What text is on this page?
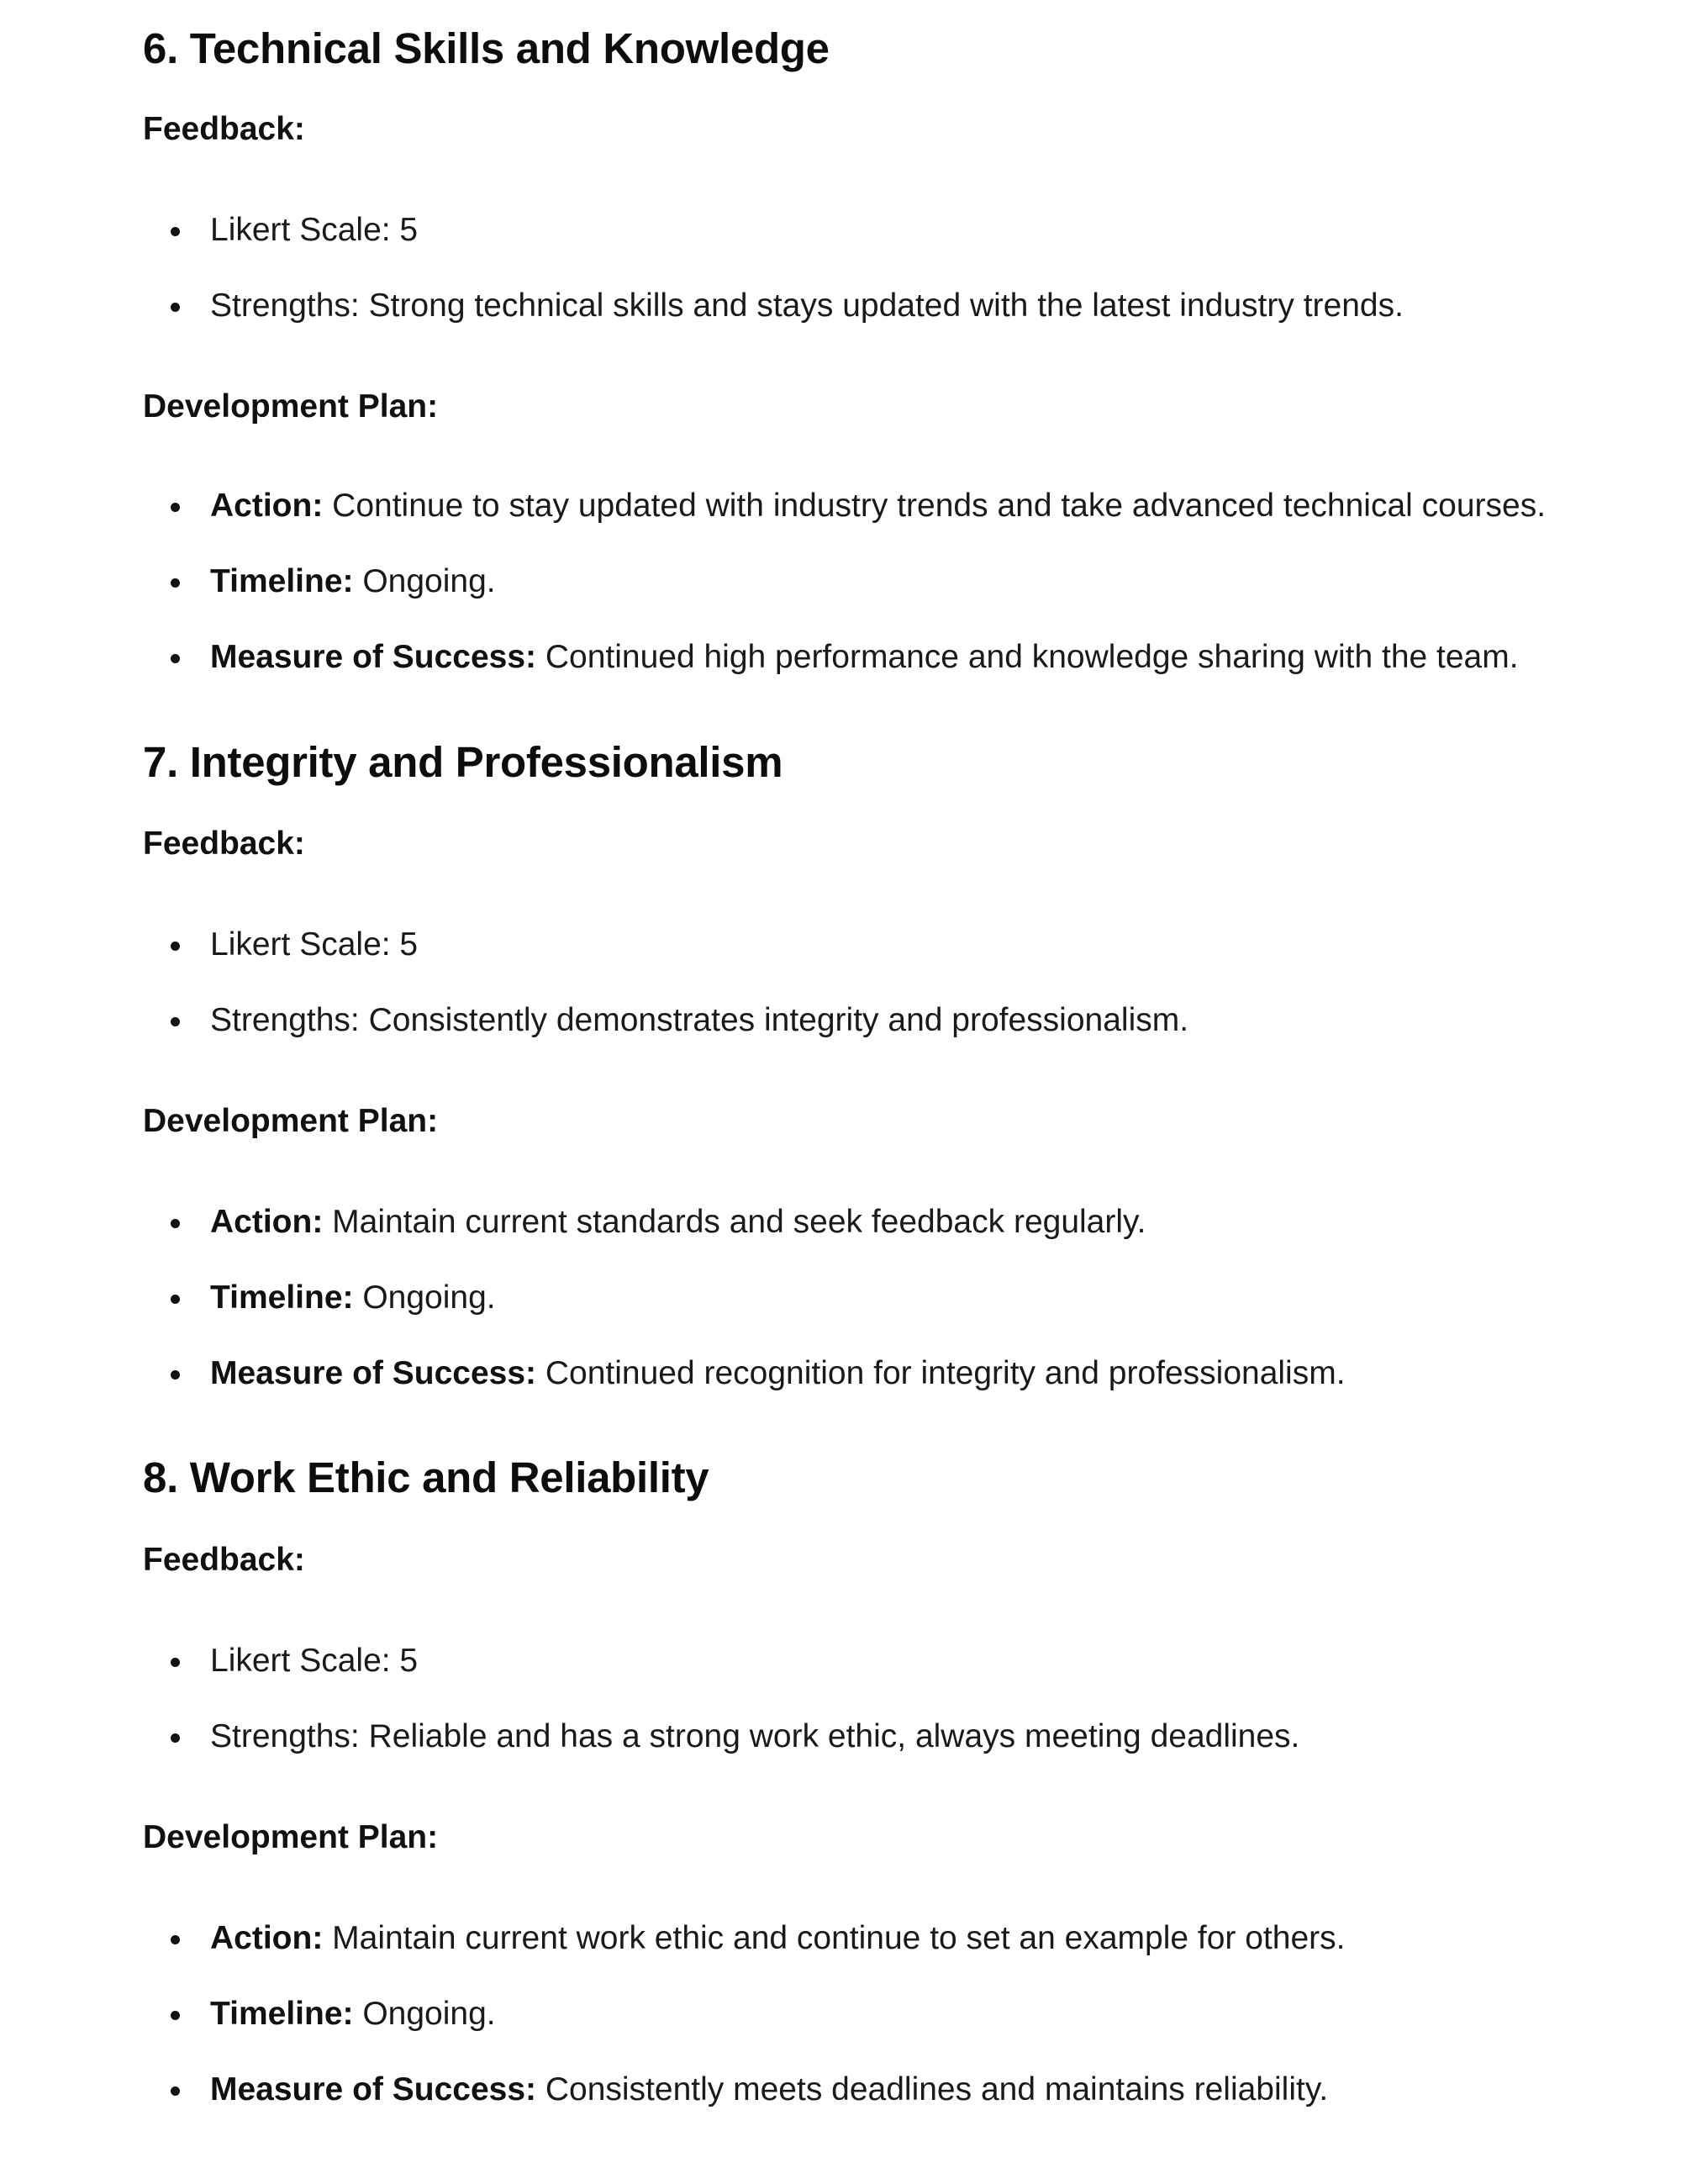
6. Technical Skills and Knowledge

Feedback:

Likert Scale: 5
Strengths: Strong technical skills and stays updated with the latest industry trends.

Development Plan:

Action: Continue to stay updated with industry trends and take advanced technical courses.
Timeline: Ongoing.
Measure of Success: Continued high performance and knowledge sharing with the team.
7. Integrity and Professionalism

Feedback:

Likert Scale: 5
Strengths: Consistently demonstrates integrity and professionalism.

Development Plan:

Action: Maintain current standards and seek feedback regularly.
Timeline: Ongoing.
Measure of Success: Continued recognition for integrity and professionalism.
8. Work Ethic and Reliability

Feedback:

Likert Scale: 5
Strengths: Reliable and has a strong work ethic, always meeting deadlines.

Development Plan:

Action: Maintain current work ethic and continue to set an example for others.
Timeline: Ongoing.
Measure of Success: Consistently meets deadlines and maintains reliability.
